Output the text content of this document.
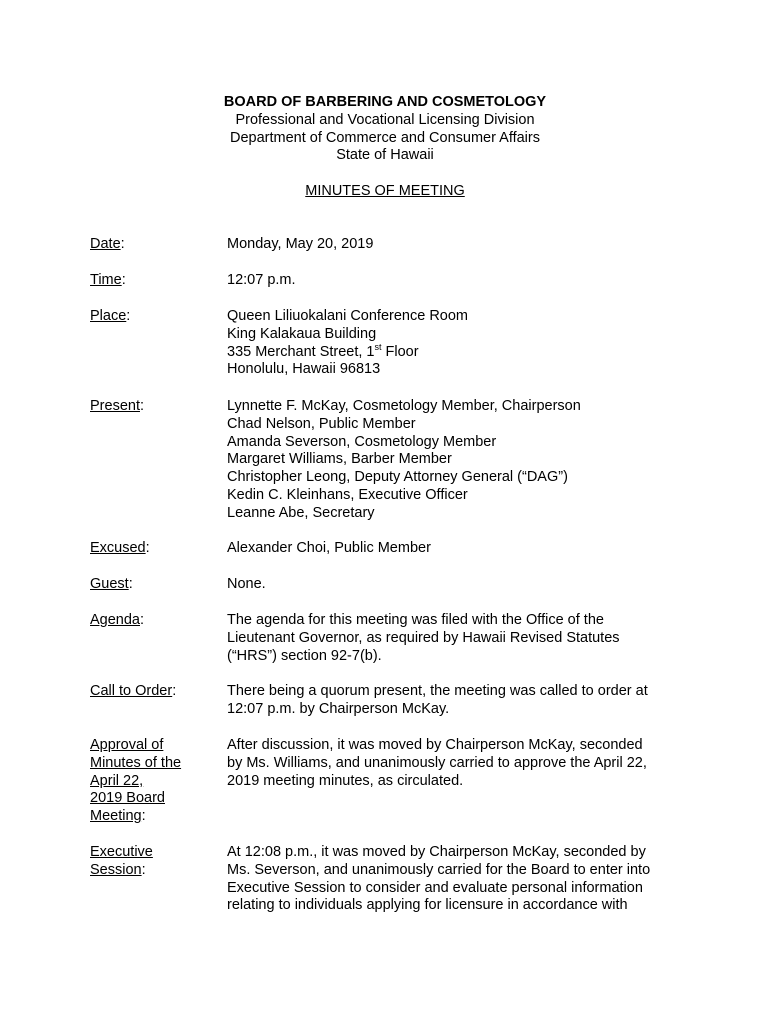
BOARD OF BARBERING AND COSMETOLOGY
Professional and Vocational Licensing Division
Department of Commerce and Consumer Affairs
State of Hawaii
MINUTES OF MEETING
Date:	Monday, May 20, 2019
Time:	12:07 p.m.
Place:	Queen Liliuokalani Conference Room
King Kalakaua Building
335 Merchant Street, 1st Floor
Honolulu, Hawaii 96813
Present:	Lynnette F. McKay, Cosmetology Member, Chairperson
Chad Nelson, Public Member
Amanda Severson, Cosmetology Member
Margaret Williams, Barber Member
Christopher Leong, Deputy Attorney General (“DAG”)
Kedin C. Kleinhans, Executive Officer
Leanne Abe, Secretary
Excused:	Alexander Choi, Public Member
Guest:	None.
Agenda:	The agenda for this meeting was filed with the Office of the
Lieutenant Governor, as required by Hawaii Revised Statutes
(“HRS”) section 92-7(b).
Call to Order:	There being a quorum present, the meeting was called to order at
12:07 p.m. by Chairperson McKay.
Approval of
Minutes of the
April 22,
2019 Board
Meeting:
After discussion, it was moved by Chairperson McKay, seconded
by Ms. Williams, and unanimously carried to approve the April 22,
2019 meeting minutes, as circulated.
Executive
Session:
At 12:08 p.m., it was moved by Chairperson McKay, seconded by
Ms. Severson, and unanimously carried for the Board to enter into
Executive Session to consider and evaluate personal information
relating to individuals applying for licensure in accordance with
